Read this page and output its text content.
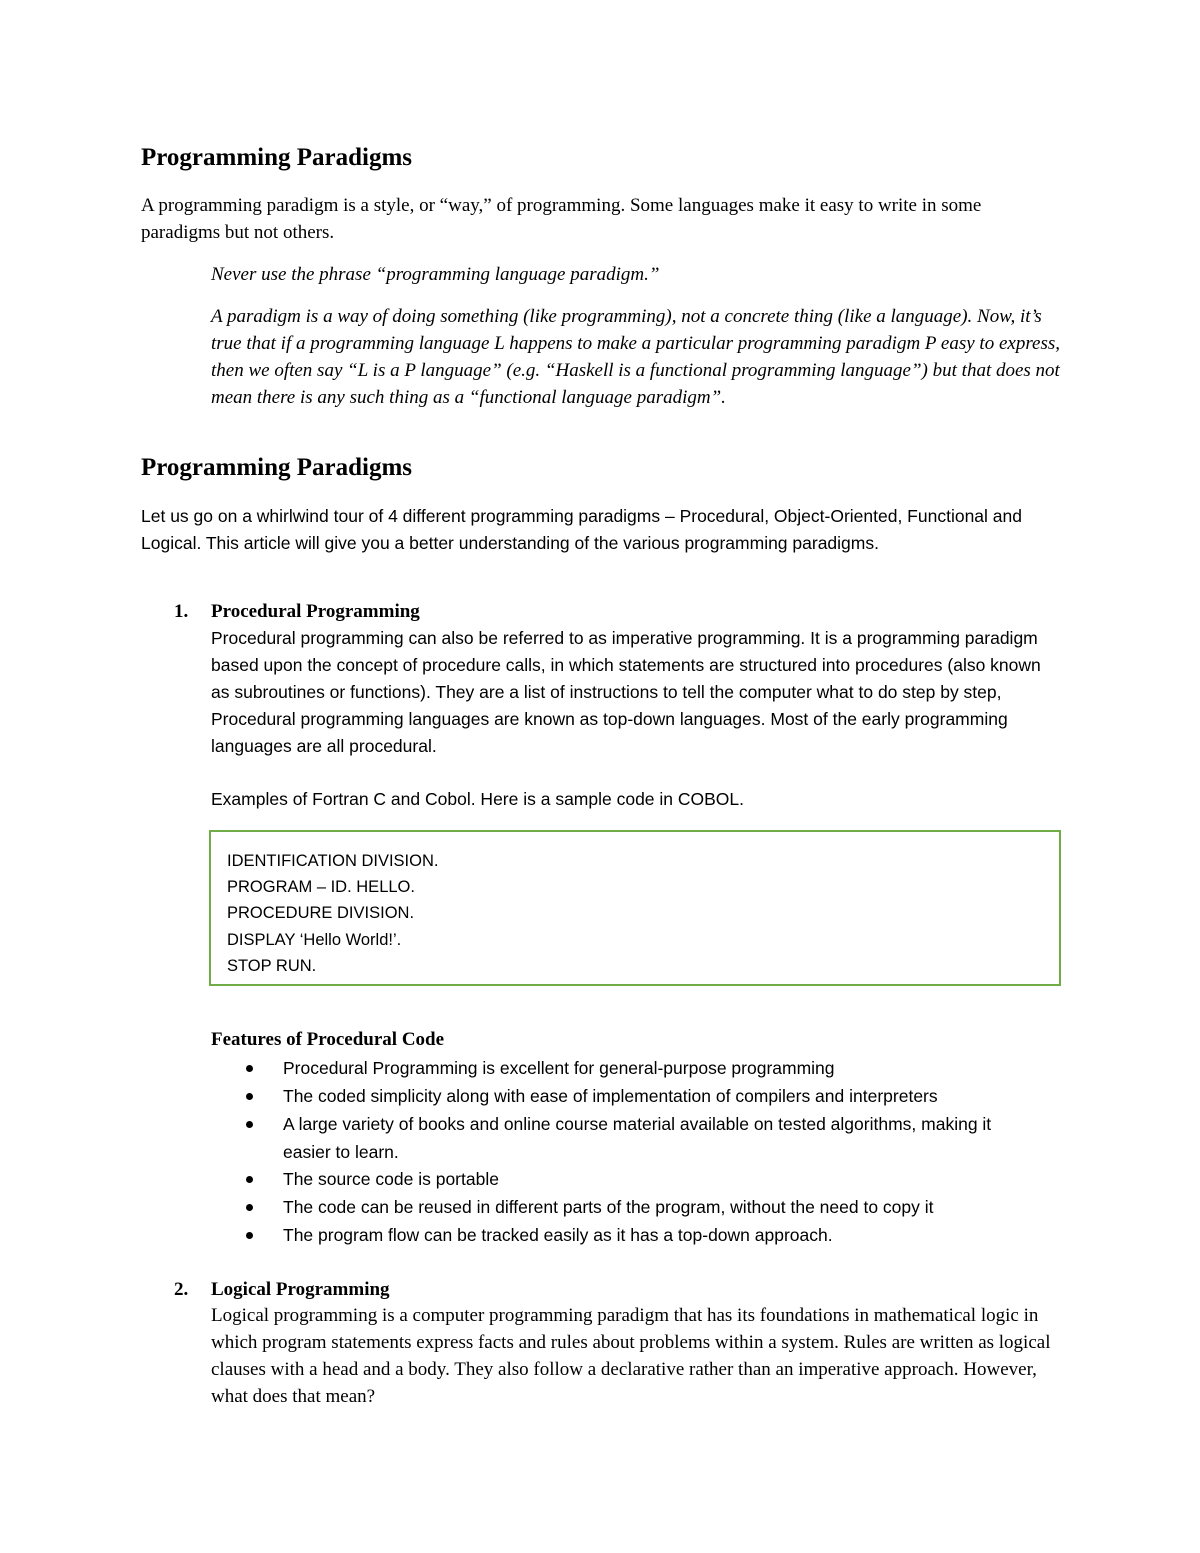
Programming Paradigms

A programming paradigm is a style, or “way,” of programming. Some languages make it easy to write in some paradigms but not others.

Never use the phrase “programming language paradigm.”

A paradigm is a way of doing something (like programming), not a concrete thing (like a language). Now, it’s true that if a programming language L happens to make a particular programming paradigm P easy to express, then we often say “L is a P language” (e.g. “Haskell is a functional programming language”) but that does not mean there is any such thing as a “functional language paradigm”.

Programming Paradigms

Let us go on a whirlwind tour of 4 different programming paradigms – Procedural, Object-Oriented, Functional and Logical. This article will give you a better understanding of the various programming paradigms.

1. Procedural Programming

Procedural programming can also be referred to as imperative programming. It is a programming paradigm based upon the concept of procedure calls, in which statements are structured into procedures (also known as subroutines or functions). They are a list of instructions to tell the computer what to do step by step, Procedural programming languages are known as top-down languages. Most of the early programming languages are all procedural.

Examples of Fortran C and Cobol. Here is a sample code in COBOL.

IDENTIFICATION DIVISION.
PROGRAM – ID. HELLO.
PROCEDURE DIVISION.
DISPLAY ‘Hello World!’.
STOP RUN.
Features of Procedural Code
Procedural Programming is excellent for general-purpose programming
The coded simplicity along with ease of implementation of compilers and interpreters
A large variety of books and online course material available on tested algorithms, making it easier to learn.
The source code is portable
The code can be reused in different parts of the program, without the need to copy it
The program flow can be tracked easily as it has a top-down approach.
2. Logical Programming

Logical programming is a computer programming paradigm that has its foundations in mathematical logic in which program statements express facts and rules about problems within a system. Rules are written as logical clauses with a head and a body. They also follow a declarative rather than an imperative approach. However, what does that mean?
